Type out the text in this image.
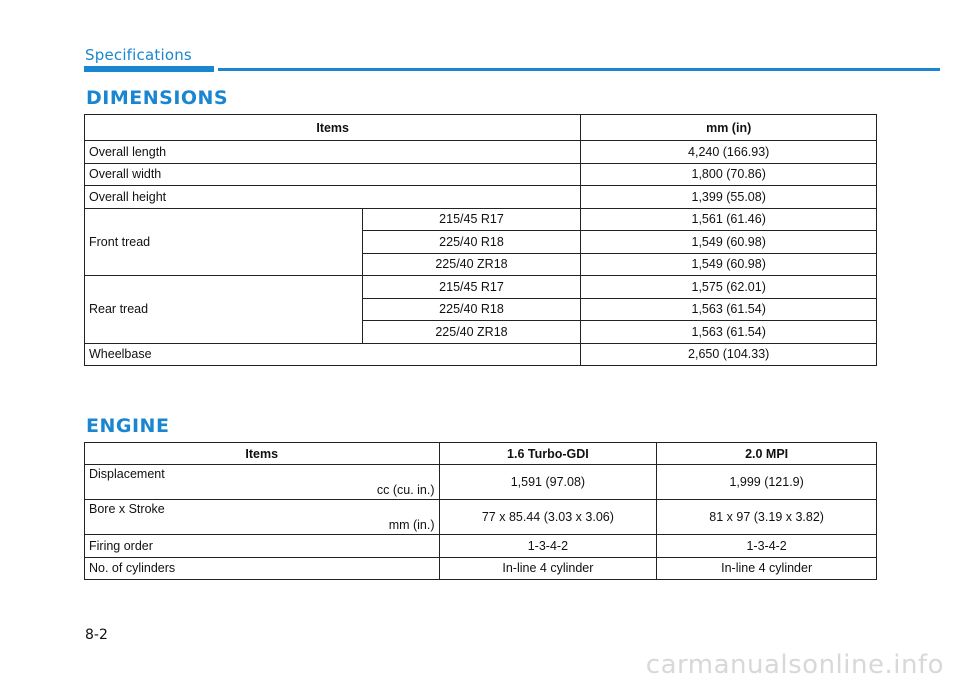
Specifications
DIMENSIONS
Items		mm (in)
Overall length		4,240 (166.93)
Overall width		1,800 (70.86)
Overall height		1,399 (55.08)
Front tread	215/45 R17	1,561 (61.46)
	225/40 R18	1,549 (60.98)
	225/40 ZR18	1,549 (60.98)
Rear tread	215/45 R17	1,575 (62.01)
	225/40 R18	1,563 (61.54)
	225/40 ZR18	1,563 (61.54)
Wheelbase		2,650 (104.33)
ENGINE
Items	1.6 Turbo-GDI	2.0 MPI

Displacement
cc (cu. in.)	1,591 (97.08)	1,999 (121.9)

Bore x Stroke
mm (in.)	77 x 85.44 (3.03 x 3.06)	81 x 97 (3.19 x 3.82)
Firing order	1-3-4-2	1-3-4-2
No. of cylinders	In-line 4 cylinder	In-line 4 cylinder
8-2
carmanualsonline.info
